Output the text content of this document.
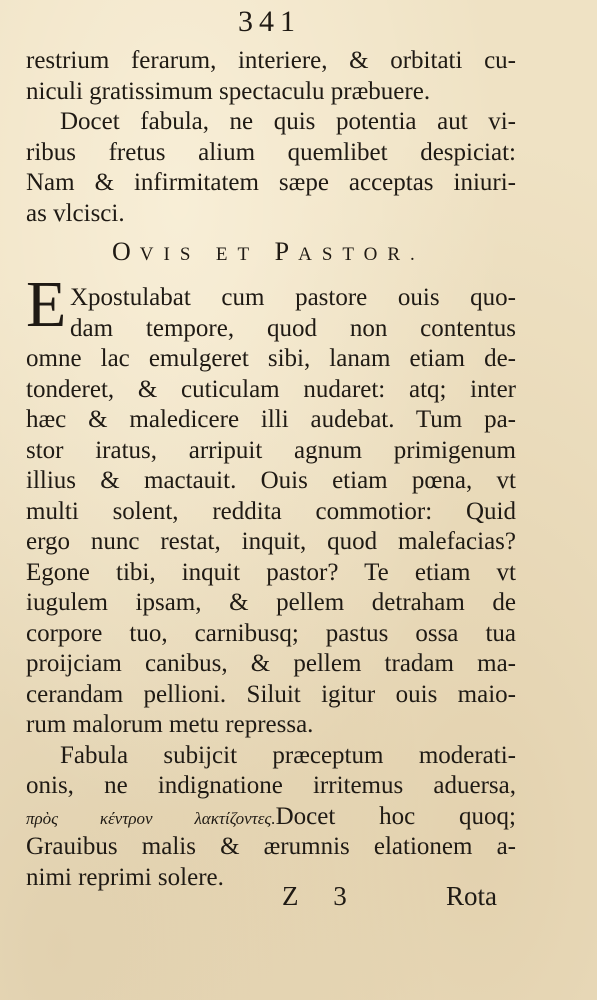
341
restrium ferarum, interiere, & orbitati cu-
niculi gratissimum spectaculu præbuere.
Docet fabula, ne quis potentia aut vi-
ribus fretus alium quemlibet despiciat:
Nam & infirmitatem sæpe acceptas iniuri-
as vlcisci.
OVIS ET PASTOR.
E Xpostulabat cum pastore ouis quo-
dam tempore, quod non contentus
omne lac emulgeret sibi, lanam etiam de-
tonderet, & cuticulam nudaret: atq; inter
hæc & maledicere illi audebat. Tum pa-
stor iratus, arripuit agnum primigenum
illius & mactauit. Ouis etiam pœna, vt
multi solent, reddita commotior: Quid
ergo nunc restat, inquit, quod malefacias?
Egone tibi, inquit pastor? Te etiam vt
iugulem ipsam, & pellem detraham de
corpore tuo, carnibusq; pastus ossa tua
proijciam canibus, & pellem tradam ma-
cerandam pellioni. Siluit igitur ouis maio-
rum malorum metu repressa.
Fabula subijcit præceptum moderati-
onis, ne indignatione irritemus aduersa,
πρὸς κέντρον λακτίζοντες.Docet hoc quoq;
Grauibus malis & ærumnis elationem a-
nimi reprimi solere.
Z 3	Rota
